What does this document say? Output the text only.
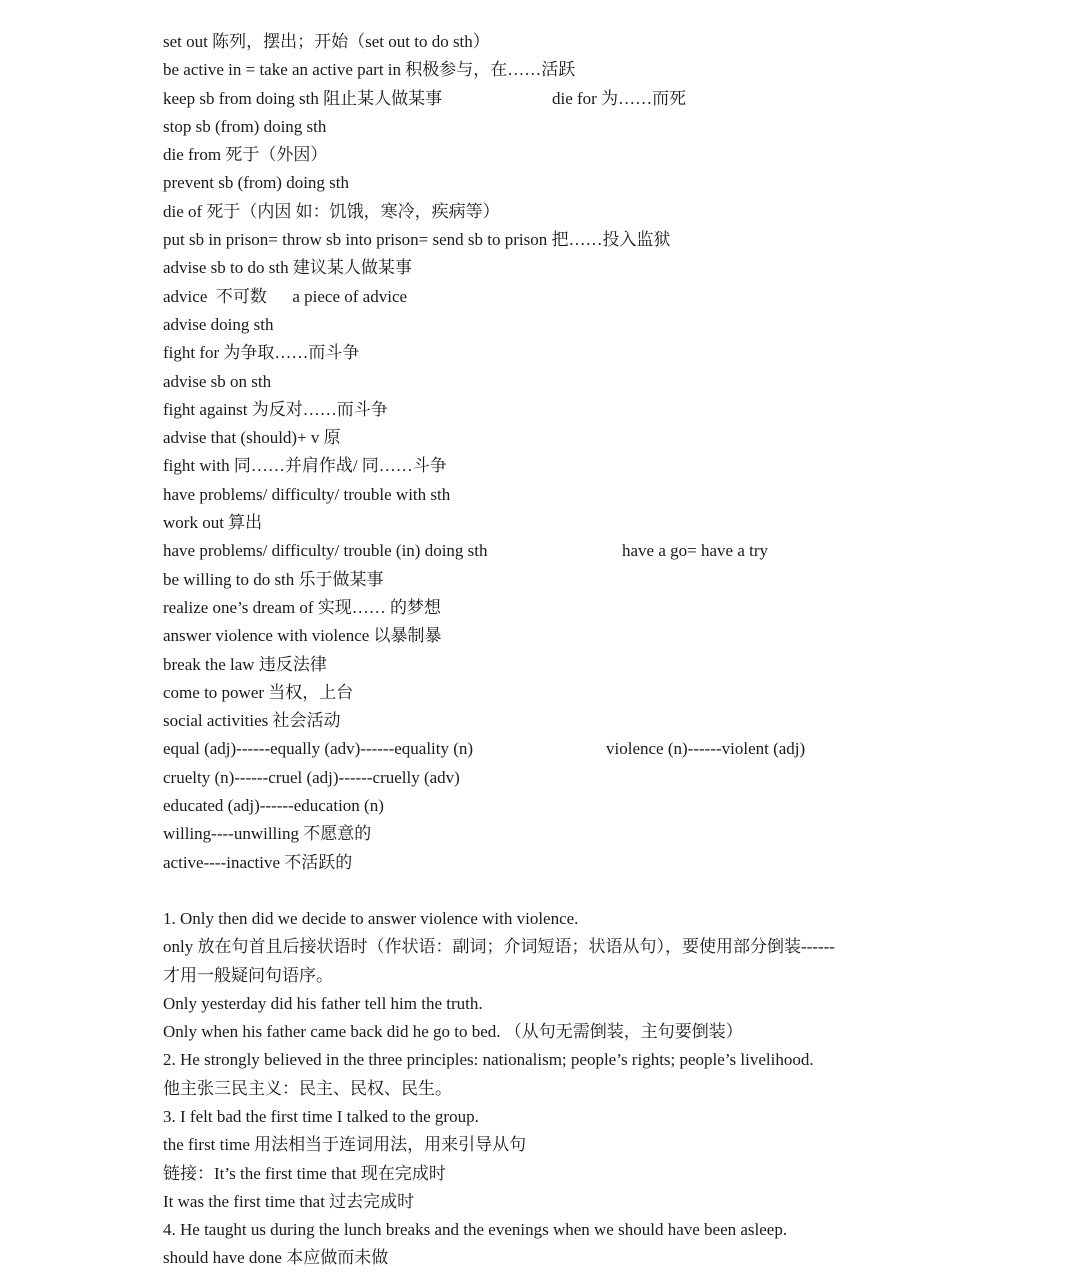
set out 陈列，摆出；开始（set out to do sth）
be active in = take an active part in 积极参与，在……活跃
keep sb from doing sth 阻止某人做某事	die for 为……而死
stop sb (from) doing sth
die from 死于（外因）
prevent sb (from) doing sth
die of 死于（内因 如：饥饿，寒冷，疾病等）
put sb in prison= throw sb into prison= send sb to prison 把……投入监狱
advise sb to do sth 建议某人做某事
advice  不可数      a piece of advice
advise doing sth
fight for 为争取……而斗争
advise sb on sth
fight against 为反对……而斗争
advise that (should)+ v 原
fight with 同……并肩作战/ 同……斗争
have problems/ difficulty/ trouble with sth
work out 算出
have problems/ difficulty/ trouble (in) doing sth	have a go= have a try
be willing to do sth 乐于做某事
realize one’s dream of 实现…… 的梦想
answer violence with violence 以暴制暴
break the law 违反法律
come to power 当权，上台
social activities 社会活动
equal (adj)------equally (adv)------equality (n)	violence (n)------violent (adj)
cruelty (n)------cruel (adj)------cruelly (adv)
educated (adj)------education (n)
willing----unwilling 不愿意的
active----inactive 不活跃的
1. Only then did we decide to answer violence with violence.
only 放在句首且后接状语时（作状语：副词；介词短语；状语从句），要使用部分倒装------
才用一般疑问句语序。
Only yesterday did his father tell him the truth.
Only when his father came back did he go to bed. （从句无需倒装，主句要倒装）
2. He strongly believed in the three principles: nationalism; people’s rights; people’s livelihood.
他主张三民主义：民主、民权、民生。
3. I felt bad the first time I talked to the group.
the first time 用法相当于连词用法，用来引导从句
链接：It’s the first time that 现在完成时
It was the first time that 过去完成时
4. He taught us during the lunch breaks and the evenings when we should have been asleep.
should have done 本应做而未做
